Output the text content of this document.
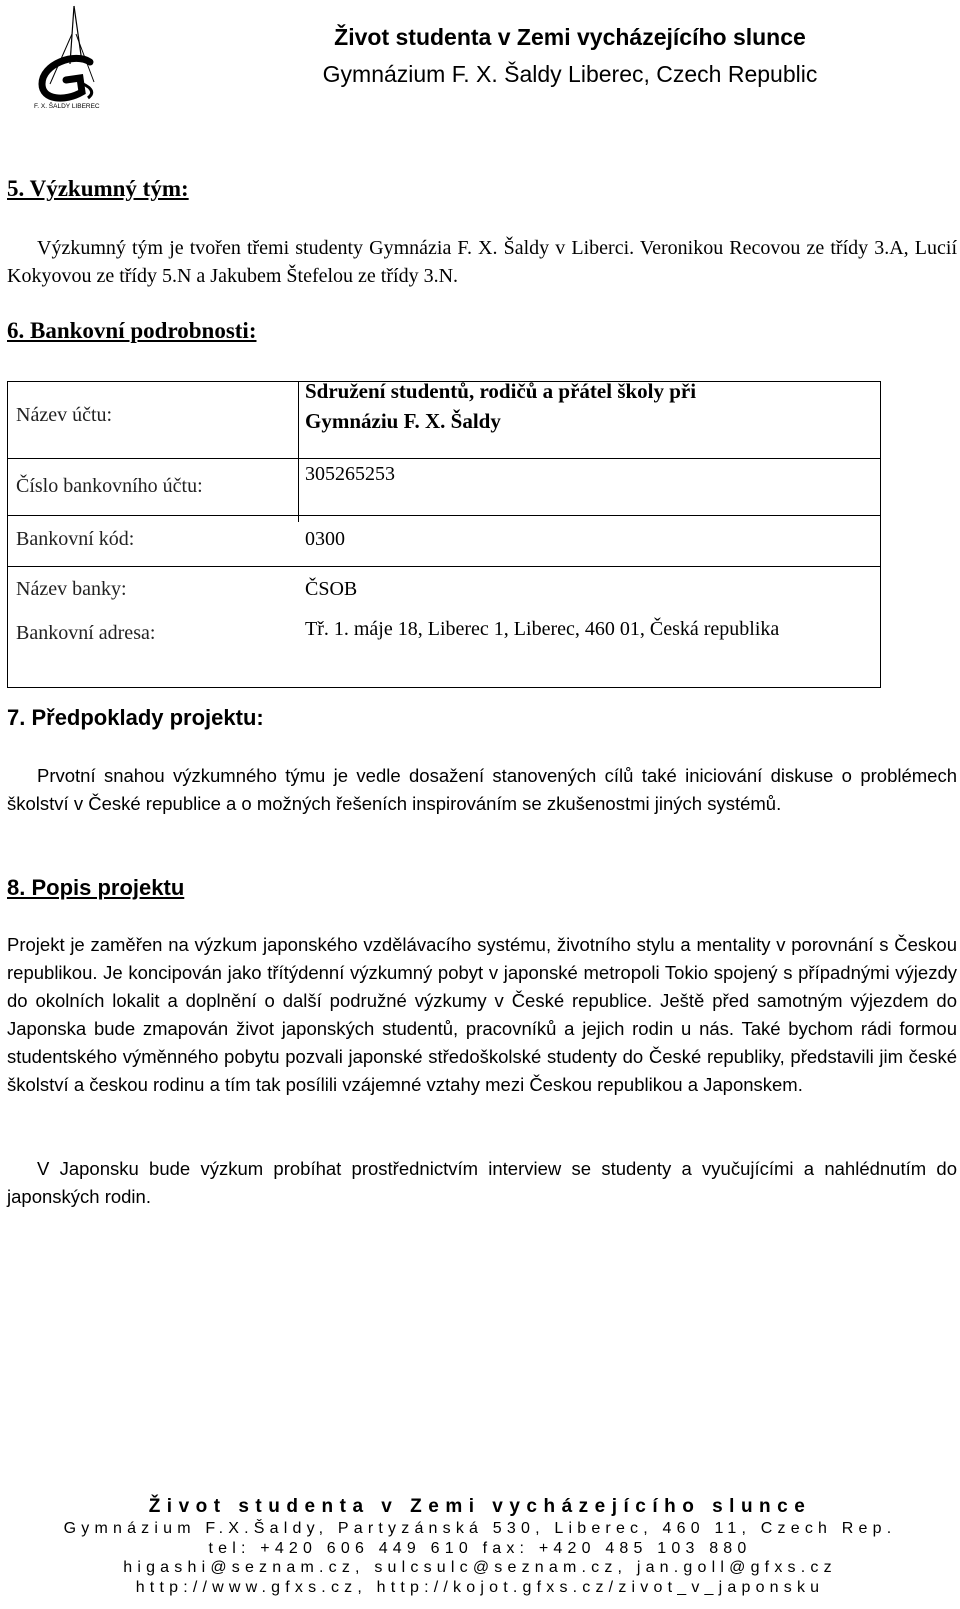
F. X. ŠALDY LIBEREC
Život studenta v Zemi vycházejícího slunce
Gymnázium F. X. Šaldy Liberec, Czech Republic
5. Výzkumný tým:

Výzkumný tým je tvořen třemi studenty Gymnázia F. X. Šaldy v Liberci. Veronikou Recovou ze třídy 3.A, Lucií Kokyovou ze třídy 5.N a Jakubem Štefelou ze třídy 3.N.

6. Bankovní podrobnosti:
Název účtu:
Sdružení studentů, rodičů a přátel školy při Gymnáziu F. X. Šaldy
Číslo bankovního účtu:
305265253
Bankovní kód:	0300
Název banky:	ČSOB
Bankovní adresa:	Tř. 1. máje 18, Liberec 1, Liberec, 460 01, Česká republika
7. Předpoklady projektu:

Prvotní snahou výzkumného týmu je vedle dosažení stanovených cílů také iniciování diskuse o problémech školství v České republice a o možných řešeních inspirováním se zkušenostmi jiných systémů.

8. Popis projektu

Projekt je zaměřen na výzkum japonského vzdělávacího systému, životního stylu a mentality v porovnání s Českou republikou. Je koncipován jako třítýdenní výzkumný pobyt v japonské metropoli Tokio spojený s případnými výjezdy do okolních lokalit a doplnění o další podružné výzkumy v České republice. Ještě před samotným výjezdem do Japonska bude zmapován život japonských studentů, pracovníků a jejich rodin u nás. Také bychom rádi formou studentského výměnného pobytu pozvali japonské středoškolské studenty do České republiky, představili jim české školství a českou rodinu a tím tak posílili vzájemné vztahy mezi Českou republikou a Japonskem.

V Japonsku bude výzkum probíhat prostřednictvím interview se studenty a vyučujícími a nahlédnutím do japonských rodin.

Život studenta v Zemi vycházejícího slunce

Gymnázium F.X.Šaldy, Partyzánská 530, Liberec, 460 11, Czech Rep.

tel: +420 606 449 610 fax: +420 485 103 880

higashi@seznam.cz, sulcsulc@seznam.cz, jan.goll@gfxs.cz

http://www.gfxs.cz, http://kojot.gfxs.cz/zivot_v_japonsku
